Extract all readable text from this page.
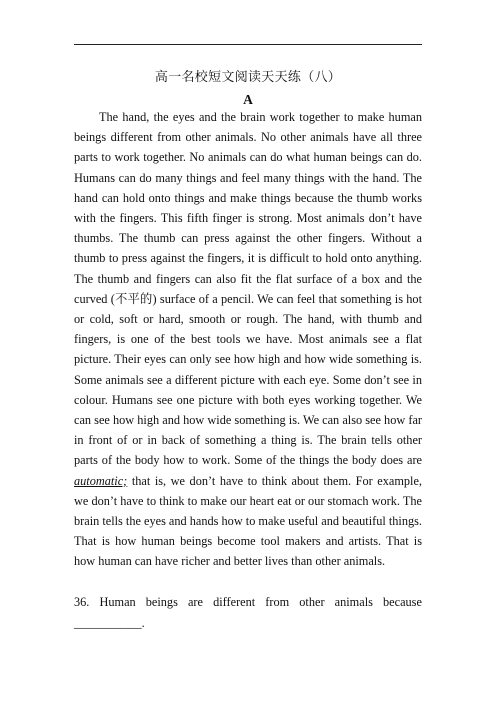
高一名校短文阅读天天练（八）
A

The hand, the eyes and the brain work together to make human beings different from other animals. No other animals have all three parts to work together. No animals can do what human beings can do. Humans can do many things and feel many things with the hand. The hand can hold onto things and make things because the thumb works with the fingers. This fifth finger is strong. Most animals don’t have thumbs. The thumb can press against the other fingers. Without a thumb to press against the fingers, it is difficult to hold onto anything. The thumb and fingers can also fit the flat surface of a box and the curved (不平的) surface of a pencil. We can feel that something is hot or cold, soft or hard, smooth or rough. The hand, with thumb and fingers, is one of the best tools we have. Most animals see a flat picture. Their eyes can only see how high and how wide something is. Some animals see a different picture with each eye. Some don’t see in colour. Humans see one picture with both eyes working together. We can see how high and how wide something is. We can also see how far in front of or in back of something a thing is. The brain tells other parts of the body how to work. Some of the things the body does are automatic; that is, we don’t have to think about them. For example, we don’t have to think to make our heart eat or our stomach work. The brain tells the eyes and hands how to make useful and beautiful things. That is how human beings become tool makers and artists. That is how human can have richer and better lives than other animals.

36. Human beings are different from other animals because
___________.
